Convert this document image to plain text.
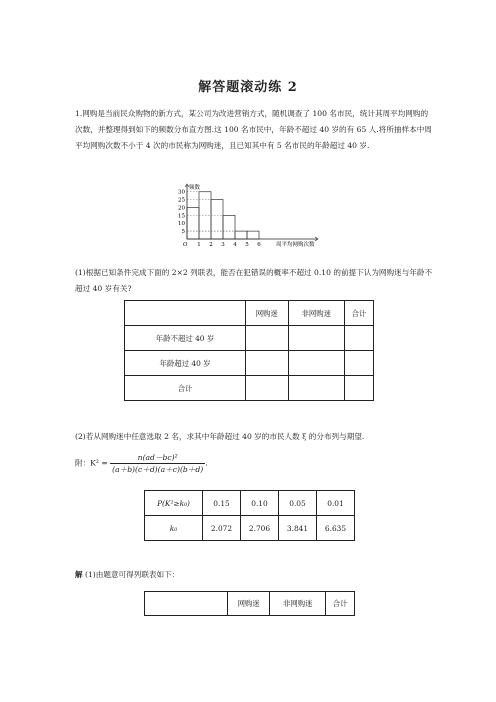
解答题滚动练 2
1.网购是当前民众购物的新方式，某公司为改进营销方式，随机调查了 100 名市民，统计其周平均网购的次数，并整理得到如下的频数分布直方图.这 100 名市民中，年龄不超过 40 岁的有 65 人.将所抽样本中周平均网购次数不小于 4 次的市民称为网购迷，且已知其中有 5 名市民的年龄超过 40 岁.
30
25
20
15
10
5
1 2 3 4 5 6
O
频数
周平均网购次数
(1)根据已知条件完成下面的 2×2 列联表，能否在犯错误的概率不超过 0.10 的前提下认为网购迷与年龄不超过 40 岁有关?
	网购迷	非网购迷	合计
年龄不超过 40 岁			
年龄超过 40 岁			
合计			
(2)若从网购迷中任意选取 2 名，求其中年龄超过 40 岁的市民人数 ξ 的分布列与期望.
附：$K^2 = \frac{\text{n(ad－bc)²}}{(a+b)(c+d)(a+c)(b+d)}$ .
P(K²≥k₀)	0.15	0.10	0.05	0.01
k₀	2.072	2.706	3.841	6.635
解 (1)由题意可得列联表如下：
	网购迷	非网购迷	合计
